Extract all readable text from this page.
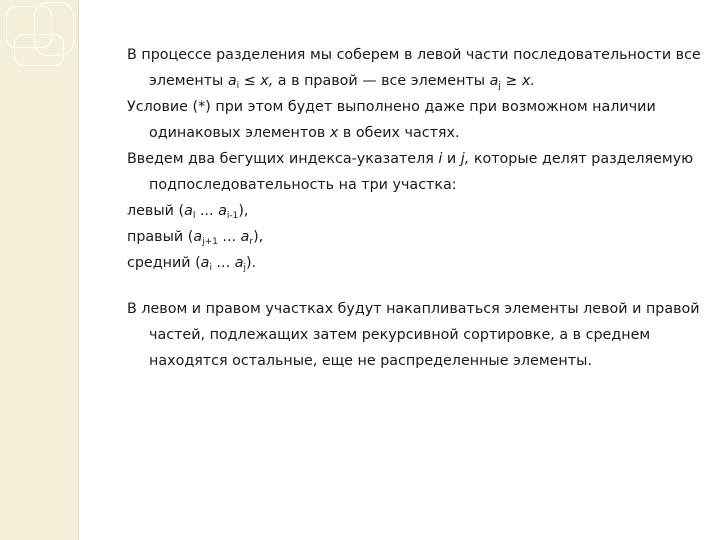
В процессе разделения мы соберем в левой части последовательности все элементы $a_i \le x$, а в правой — все элементы $a_j \ge x$.

Условие (*) при этом будет выполнено даже при возможном наличии одинаковых элементов x в обеих частях.

Введем два бегущих индекса-указателя i и j, которые делят разделяемую подпоследовательность на три участка:

левый ($a_l$ ... $a_{i-1}$),

правый ($a_{j+1}$ ... $a_r$),

средний ($a_i$ ... $a_j$).

В левом и правом участках будут накапливаться элементы левой и правой частей, подлежащих затем рекурсивной сортировке, а в среднем находятся остальные, еще не распределенные элементы.
